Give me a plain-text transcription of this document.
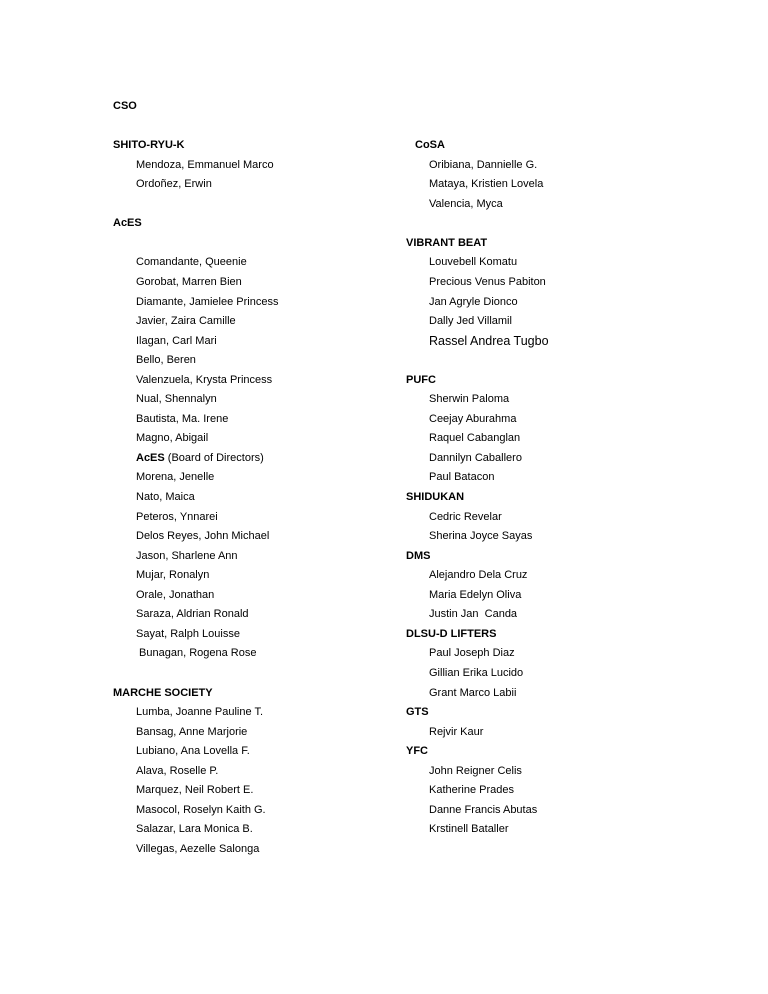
CSO
SHITO-RYU-K
Mendoza, Emmanuel Marco
Ordoñez, Erwin
AcES
Comandante, Queenie
Gorobat, Marren Bien
Diamante, Jamielee Princess
Javier, Zaira Camille
Ilagan, Carl Mari
Bello, Beren
Valenzuela, Krysta Princess
Nual, Shennalyn
Bautista, Ma. Irene
Magno, Abigail
AcES (Board of Directors)
Morena, Jenelle
Nato, Maica
Peteros, Ynnarei
Delos Reyes, John Michael
Jason, Sharlene Ann
Mujar, Ronalyn
Orale, Jonathan
Saraza, Aldrian Ronald
Sayat, Ralph Louisse
Bunagan, Rogena Rose
MARCHE SOCIETY
Lumba, Joanne Pauline T.
Bansag, Anne Marjorie
Lubiano, Ana Lovella F.
Alava, Roselle P.
Marquez, Neil Robert E.
Masocol, Roselyn Kaith G.
Salazar, Lara Monica B.
Villegas, Aezelle Salonga
CoSA
Oribiana, Dannielle G.
Mataya, Kristien Lovela
Valencia, Myca
VIBRANT BEAT
Louvebell Komatu
Precious Venus Pabiton
Jan Agryle Dionco
Dally Jed Villamil
Rassel Andrea Tugbo
PUFC
Sherwin Paloma
Ceejay Aburahma
Raquel Cabanglan
Dannilyn Caballero
Paul Batacon
SHIDUKAN
Cedric Revelar
Sherina Joyce Sayas
DMS
Alejandro Dela Cruz
Maria Edelyn Oliva
Justin Jan  Canda
DLSU-D LIFTERS
Paul Joseph Diaz
Gillian Erika Lucido
Grant Marco Labii
GTS
Rejvir Kaur
YFC
John Reigner Celis
Katherine Prades
Danne Francis Abutas
Krstinell Bataller
